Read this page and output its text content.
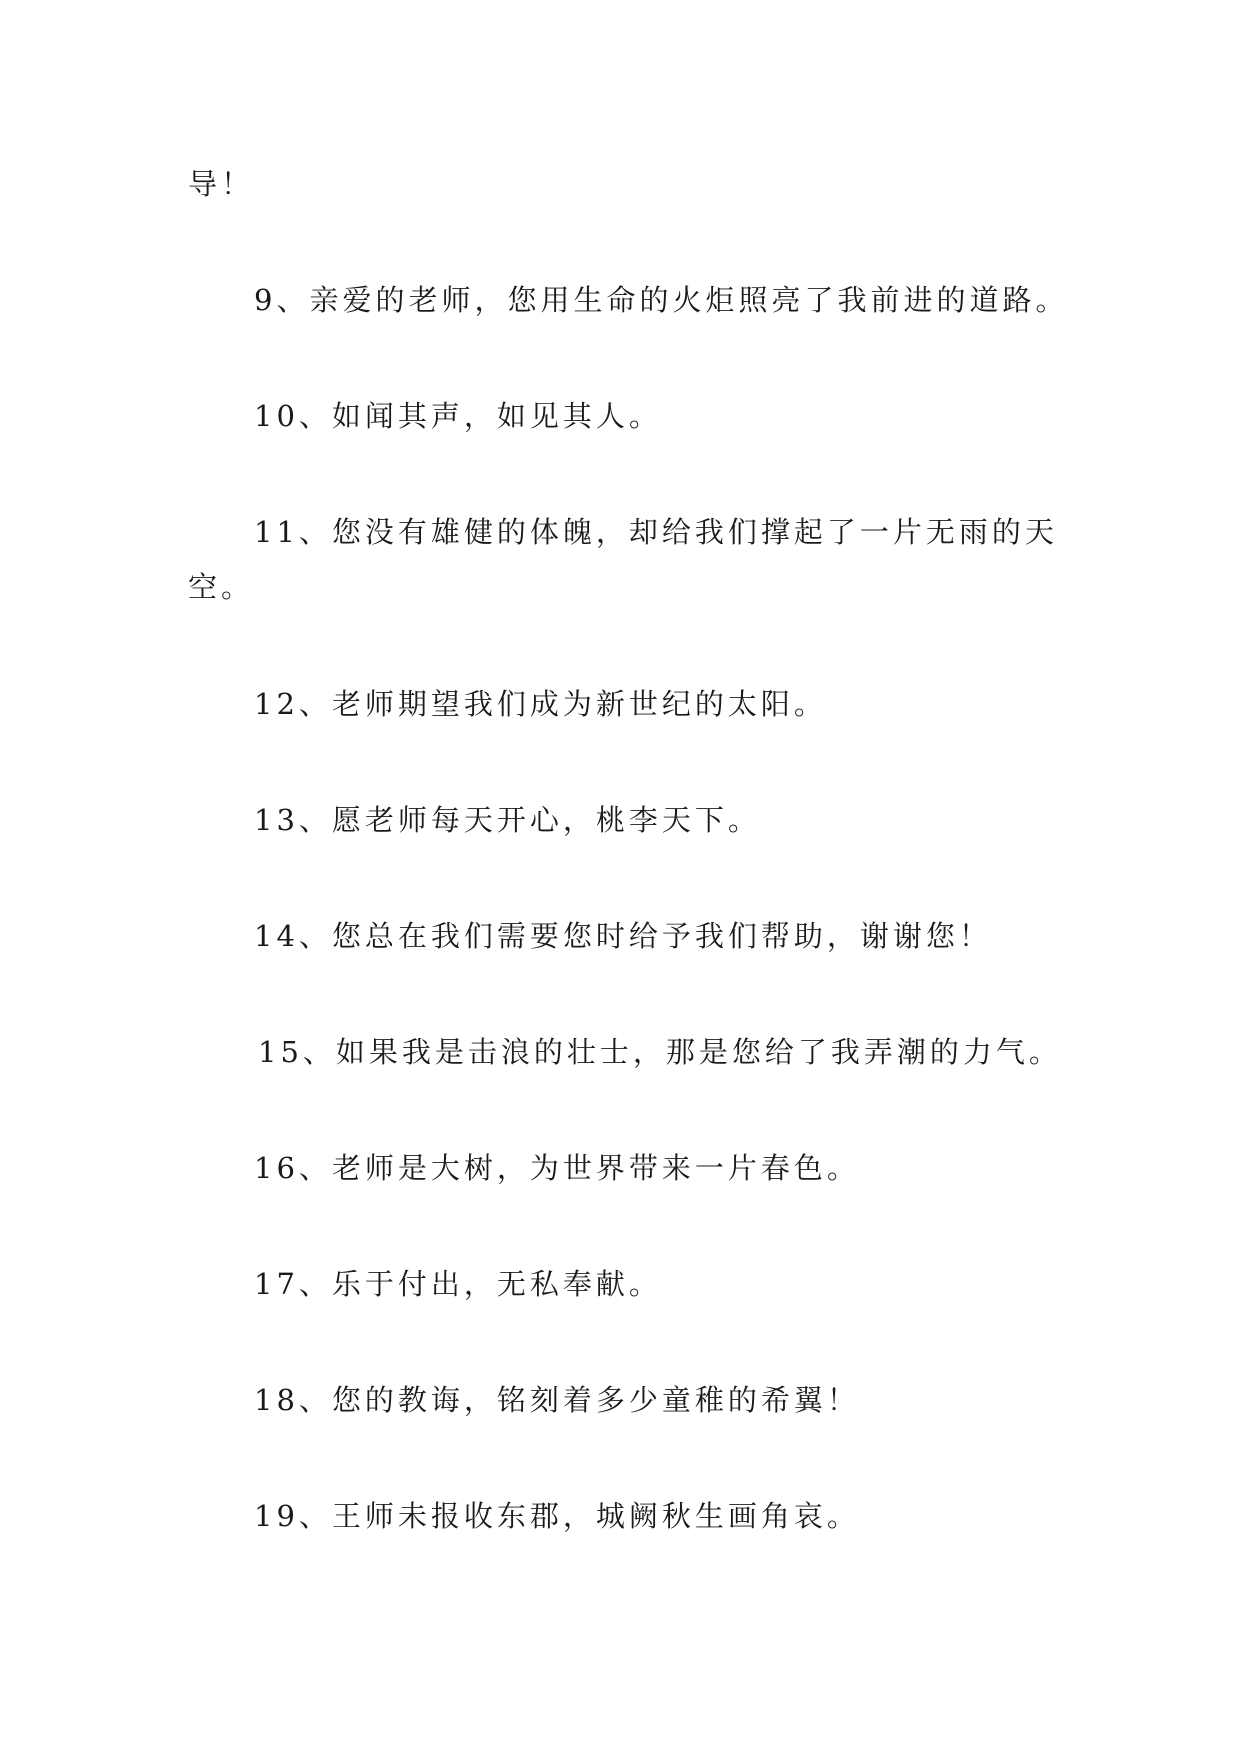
导！
9、亲爱的老师，您用生命的火炬照亮了我前进的道路。
10、如闻其声，如见其人。
11、您没有雄健的体魄，却给我们撑起了一片无雨的天
空。
12、老师期望我们成为新世纪的太阳。
13、愿老师每天开心，桃李天下。
14、您总在我们需要您时给予我们帮助，谢谢您！
15、如果我是击浪的壮士，那是您给了我弄潮的力气。
16、老师是大树，为世界带来一片春色。
17、乐于付出，无私奉献。
18、您的教诲，铭刻着多少童稚的希翼！
19、王师未报收东郡，城阙秋生画角哀。
